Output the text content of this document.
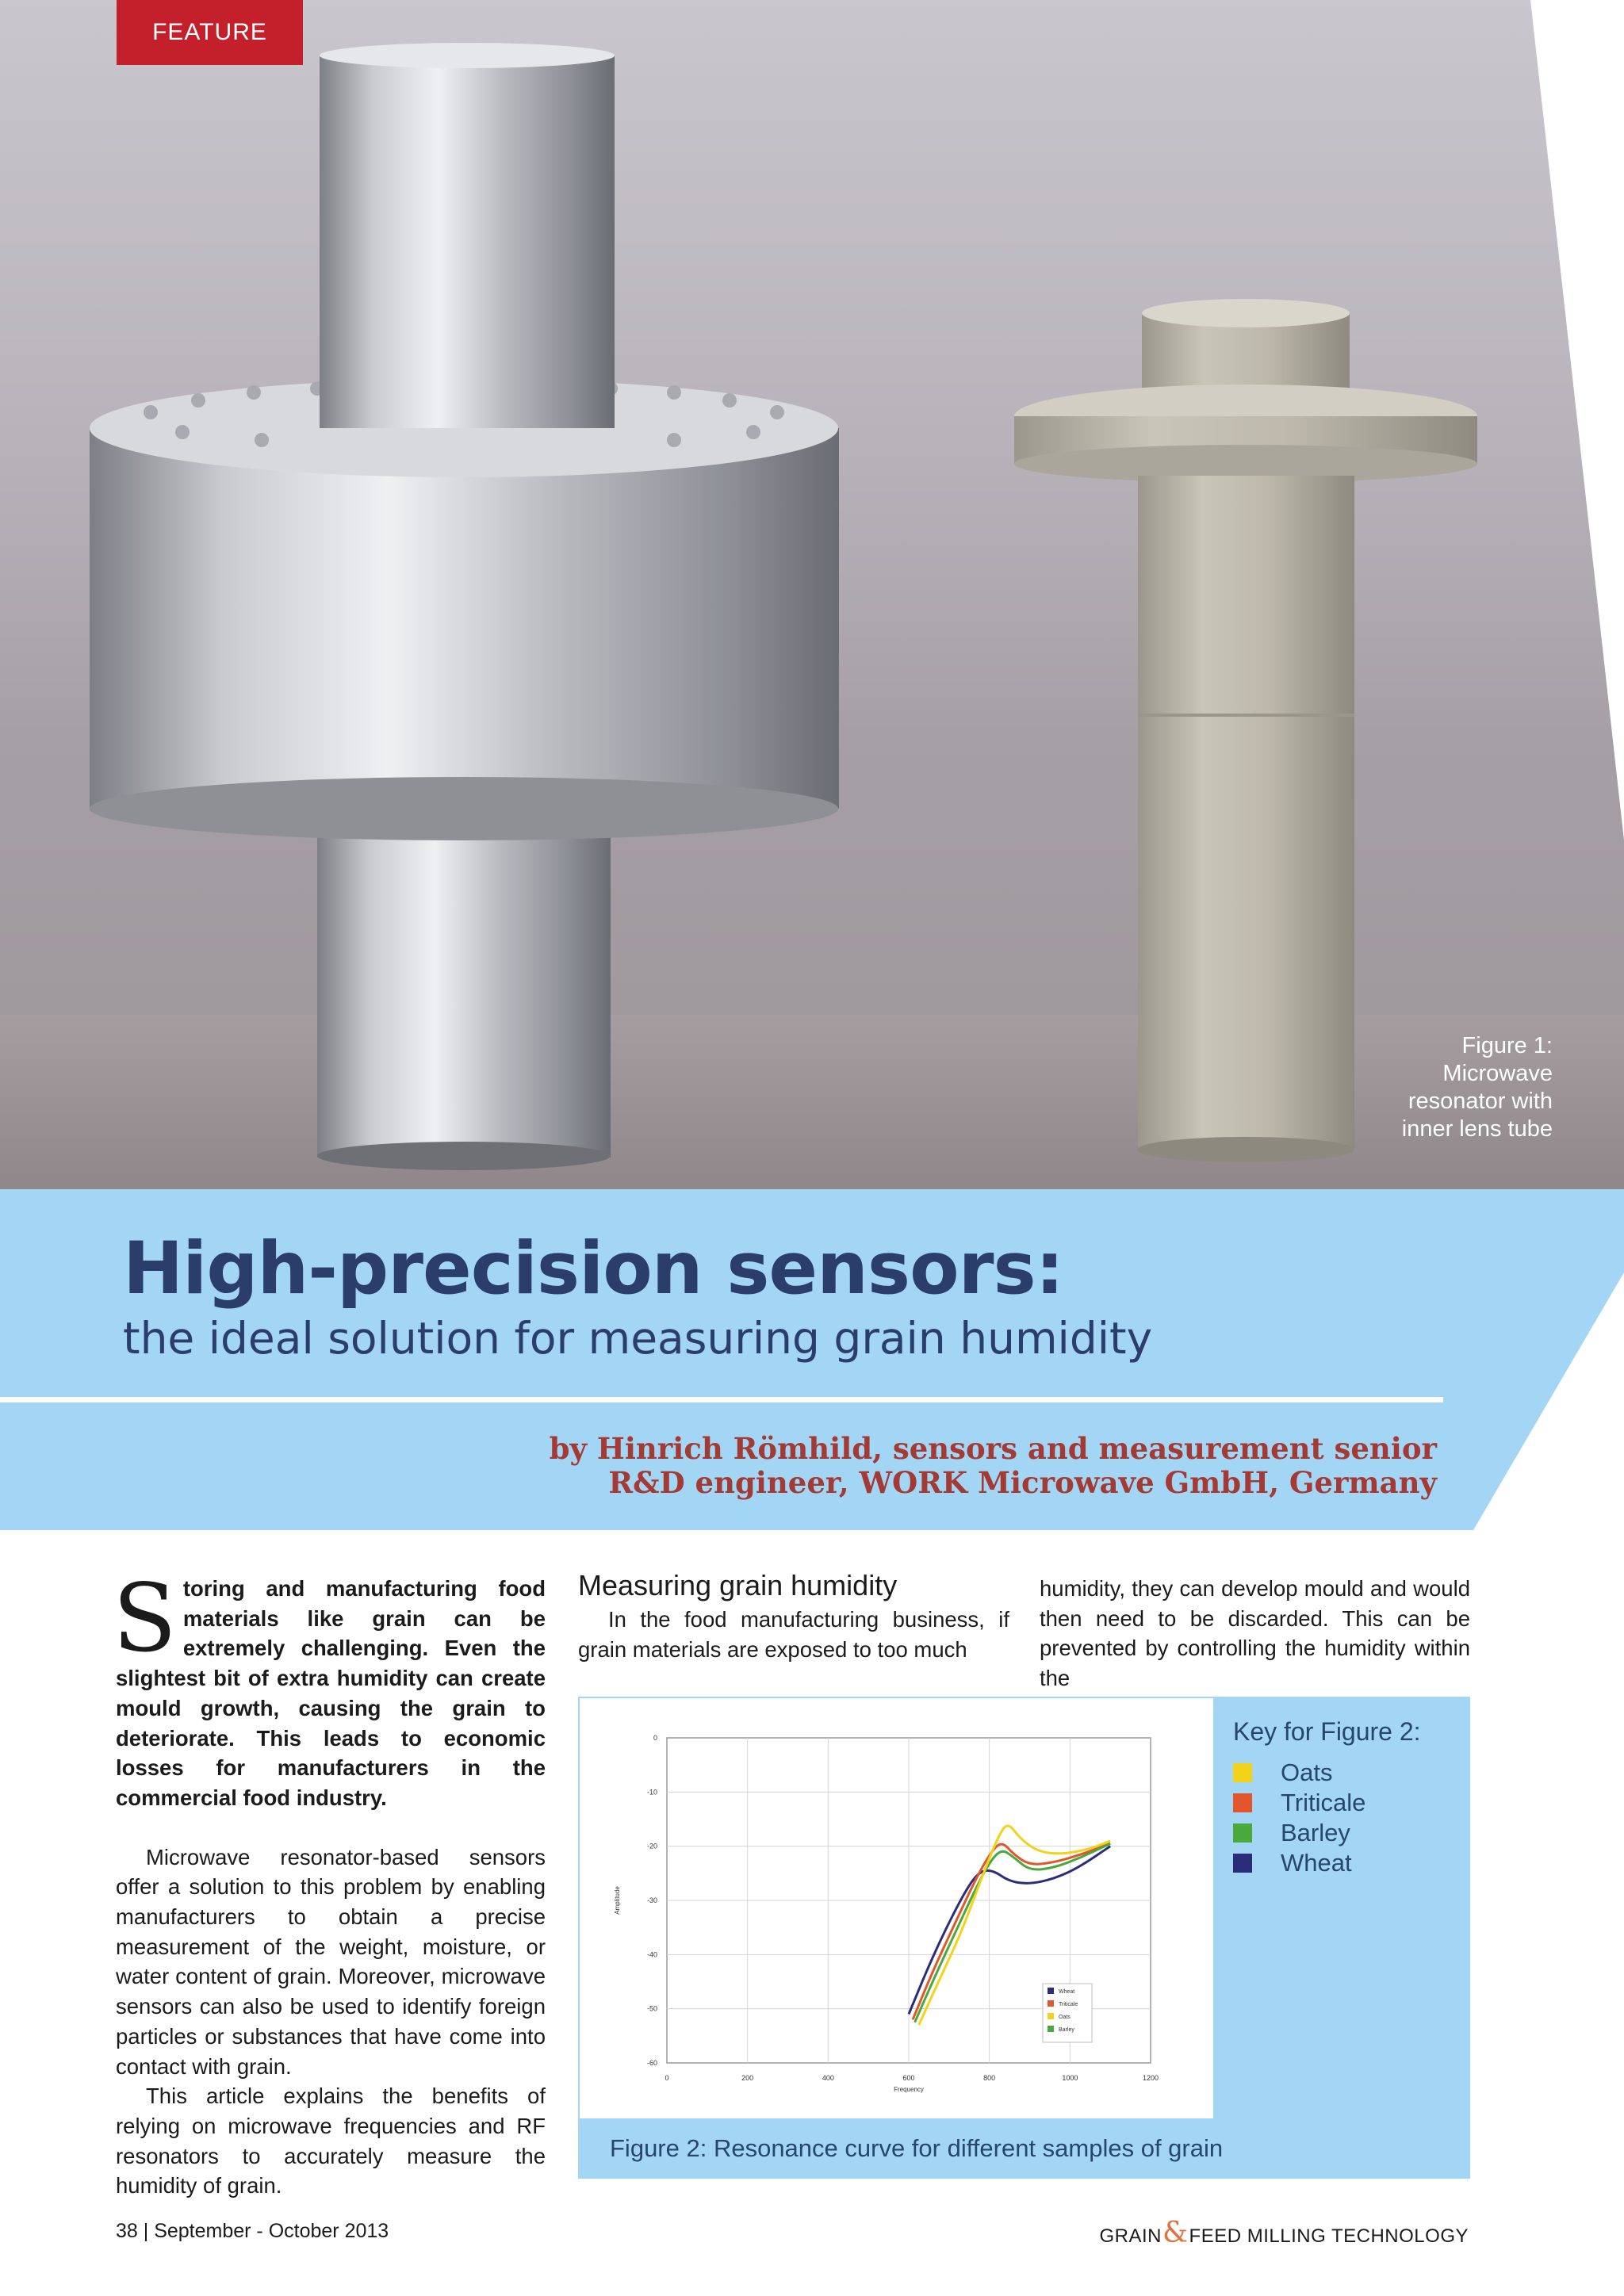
FEATURE
Figure 1:
Microwave
resonator with
inner lens tube
High-precision sensors:
the ideal solution for measuring grain humidity
by Hinrich Römhild, sensors and measurement senior
R&D engineer, WORK Microwave GmbH, Germany
S toring and manufacturing food materials like grain can be extremely challenging. Even the slightest bit of extra humidity can create mould growth, causing the grain to deteriorate. This leads to economic losses for manufacturers in the commercial food industry.

Microwave resonator-based sensors offer a solution to this problem by enabling manufacturers to obtain a precise measurement of the weight, moisture, or water content of grain. Moreover, microwave sensors can also be used to identify foreign particles or substances that have come into contact with grain.

This article explains the benefits of relying on microwave frequencies and RF resonators to accurately measure the humidity of grain.

Measuring grain humidity

In the food manufacturing business, if grain materials are exposed to too much

humidity, they can develop mould and would then need to be discarded. This can be prevented by controlling the humidity within the

0	200	400	600	800	1000	1200
0
-10
-20
-30
-40
-50
-60
Frequency
Amplitude
Wheat
Triticale
Oats
Barley
Key for Figure 2:
Oats
Triticale
Barley
Wheat
Figure 2: Resonance curve for different samples of grain
38 | September - October 2013	GRAIN & FEED MILLING TECHNOLOGY
